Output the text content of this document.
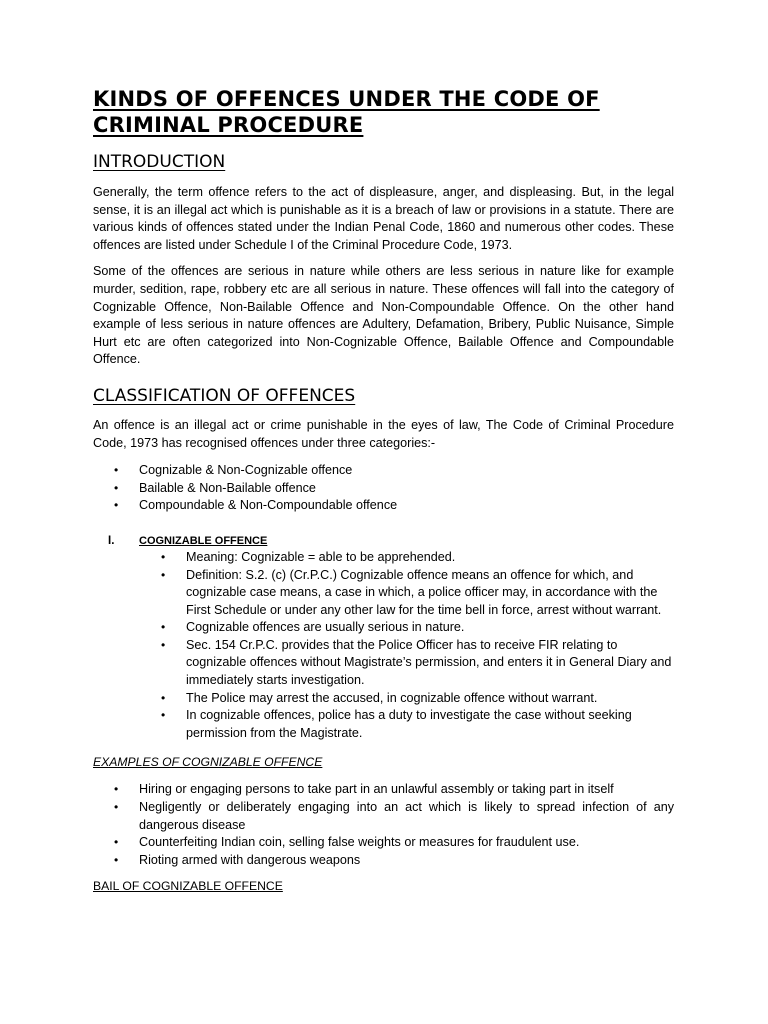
KINDS OF OFFENCES UNDER THE CODE OF
CRIMINAL PROCEDURE
INTRODUCTION

Generally, the term offence refers to the act of displeasure, anger, and displeasing. But, in the legal sense, it is an illegal act which is punishable as it is a breach of law or provisions in a statute. There are various kinds of offences stated under the Indian Penal Code, 1860 and numerous other codes. These offences are listed under Schedule I of the Criminal Procedure Code, 1973.

Some of the offences are serious in nature while others are less serious in nature like for example murder, sedition, rape, robbery etc are all serious in nature. These offences will fall into the category of Cognizable Offence, Non-Bailable Offence and Non-Compoundable Offence. On the other hand example of less serious in nature offences are Adultery, Defamation, Bribery, Public Nuisance, Simple Hurt etc are often categorized into Non-Cognizable Offence, Bailable Offence and Compoundable Offence.

CLASSIFICATION OF OFFENCES

An offence is an illegal act or crime punishable in the eyes of law, The Code of Criminal Procedure Code, 1973 has recognised offences under three categories:-

• Cognizable & Non-Cognizable offence
• Bailable & Non-Bailable offence
• Compoundable & Non-Compoundable offence
I. COGNIZABLE OFFENCE
• Meaning: Cognizable = able to be apprehended.
• Definition: S.2. (c) (Cr.P.C.) Cognizable offence means an offence for which, and cognizable case means, a case in which, a police officer may, in accordance with the First Schedule or under any other law for the time bell in force, arrest without warrant.
• Cognizable offences are usually serious in nature.
• Sec. 154 Cr.P.C. provides that the Police Officer has to receive FIR relating to cognizable offences without Magistrate’s permission, and enters it in General Diary and immediately starts investigation.
• The Police may arrest the accused, in cognizable offence without warrant.
• In cognizable offences, police has a duty to investigate the case without seeking permission from the Magistrate.
EXAMPLES OF COGNIZABLE OFFENCE
• Hiring or engaging persons to take part in an unlawful assembly or taking part in itself
• Negligently or deliberately engaging into an act which is likely to spread infection of any dangerous disease
• Counterfeiting Indian coin, selling false weights or measures for fraudulent use.
• Rioting armed with dangerous weapons
BAIL OF COGNIZABLE OFFENCE
